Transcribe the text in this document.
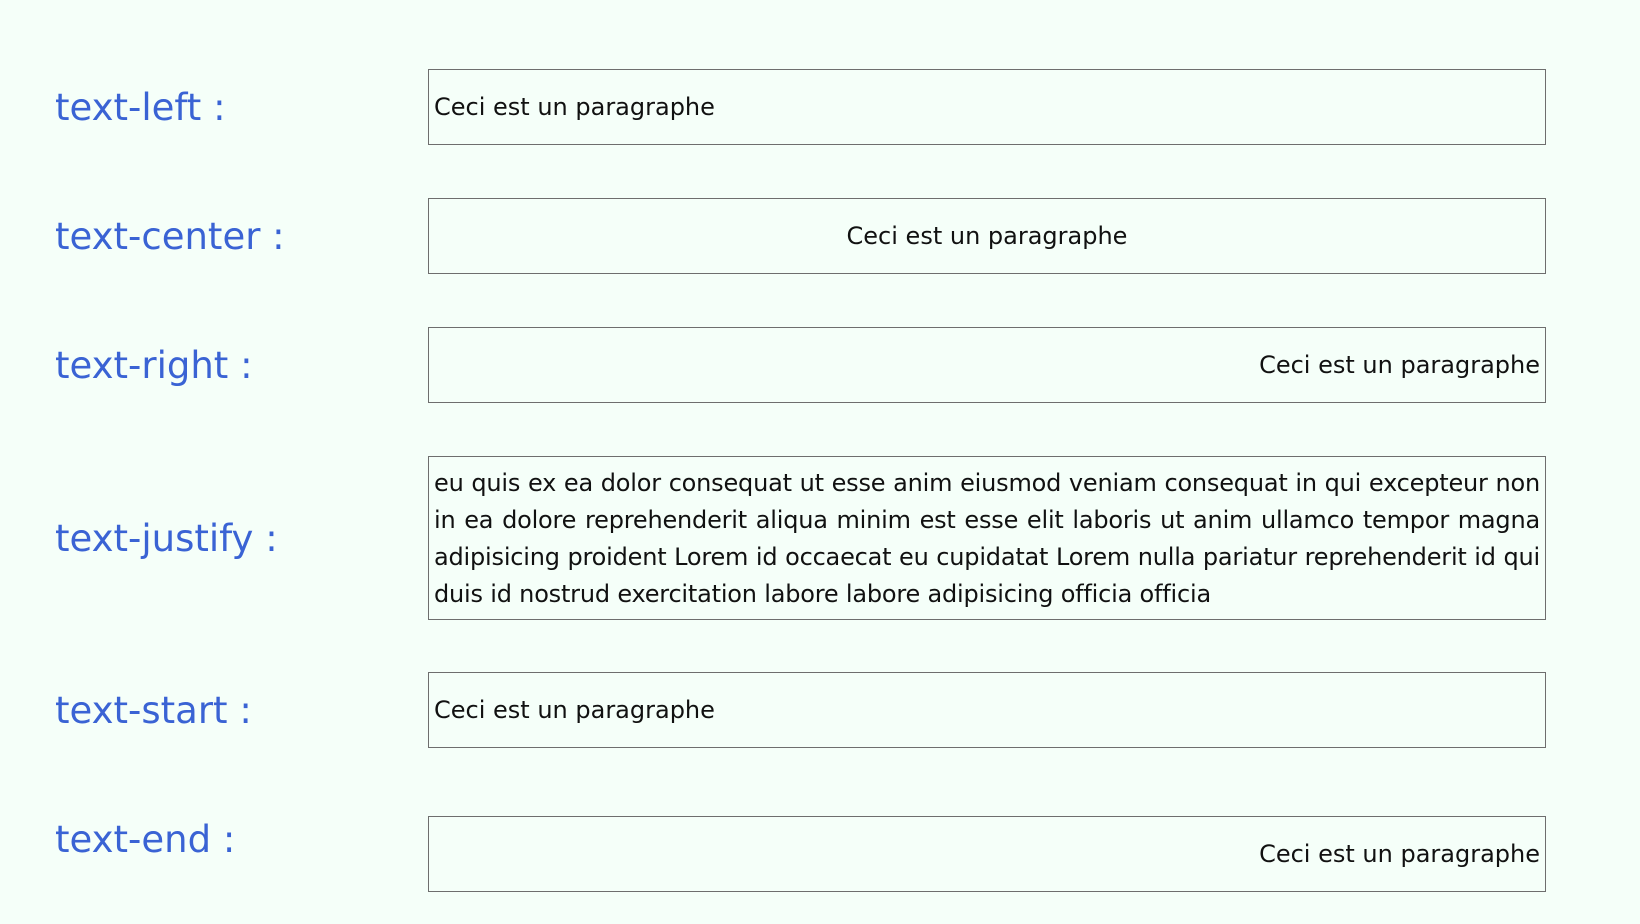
text-left :	Ceci est un paragraphe
text-center :	Ceci est un paragraphe
text-right :	Ceci est un paragraphe
text-justify :
eu quis ex ea dolor consequat ut esse anim eiusmod veniam consequat in qui excepteur non in ea dolore reprehenderit aliqua minim est esse elit laboris ut anim ullamco tempor magna adipisicing proident Lorem id occaecat eu cupidatat Lorem nulla pariatur reprehenderit id qui duis id nostrud exercitation labore labore adipisicing officia officia
text-start :	Ceci est un paragraphe
text-end :	Ceci est un paragraphe
